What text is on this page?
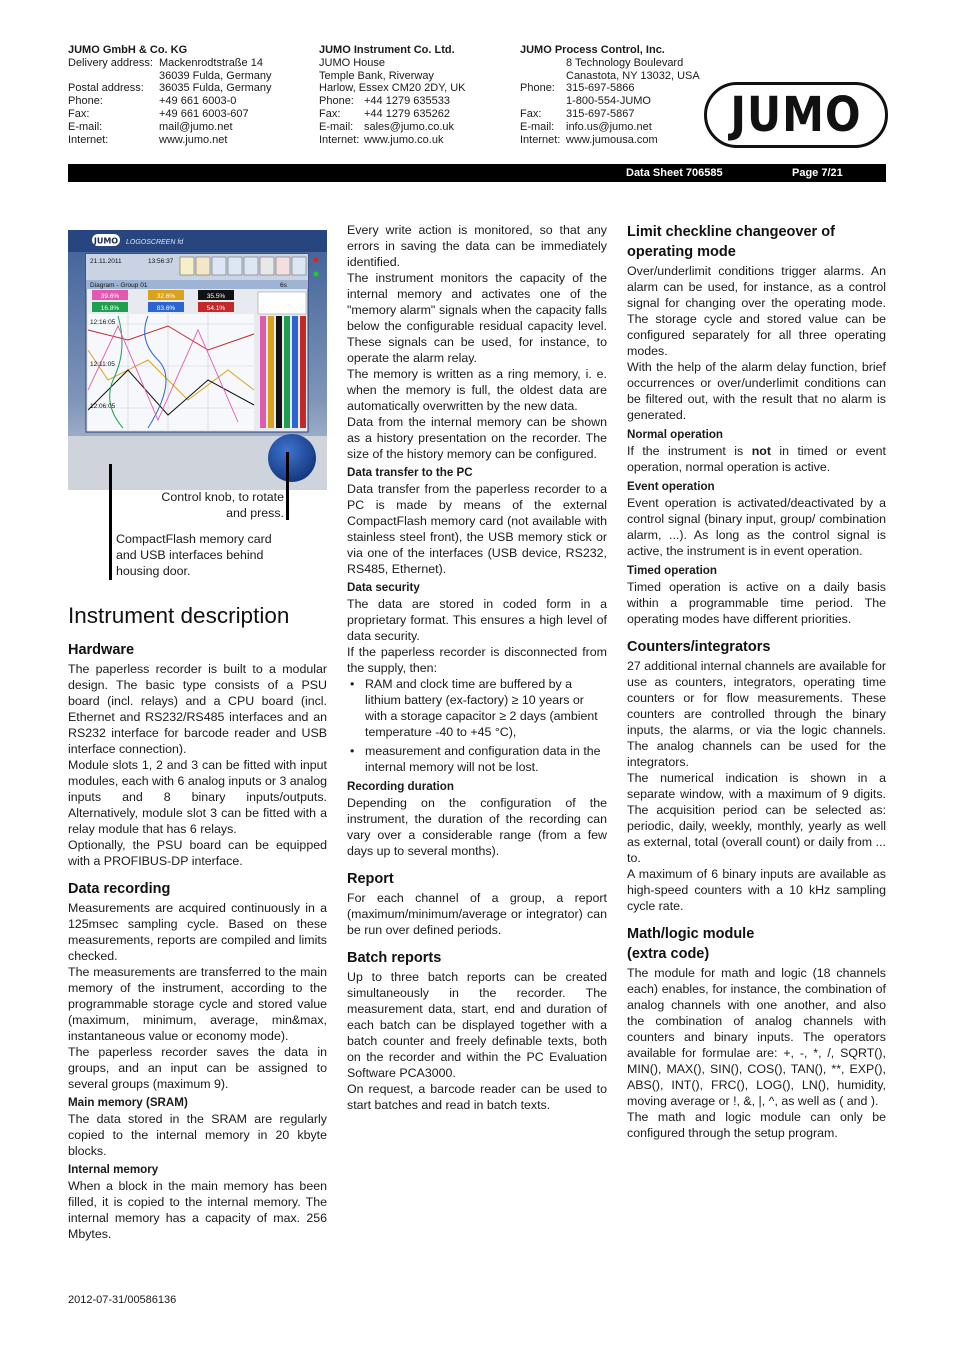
JUMO GmbH & Co. KG
Delivery address: Mackenrodtstraße 14
36039 Fulda, Germany
Postal address:	36035 Fulda, Germany
Phone:	+49 661 6003-0
Fax:	+49 661 6003-607
E-mail:	mail@jumo.net
Internet:	www.jumo.net
JUMO Instrument Co. Ltd.
JUMO House
Temple Bank, Riverway
Harlow, Essex CM20 2DY, UK
Phone: +44 1279 635533
Fax:	+44 1279 635262
E-mail: sales@jumo.co.uk
Internet: www.jumo.co.uk
JUMO Process Control, Inc.
8 Technology Boulevard
Canastota, NY 13032, USA
Phone:	315-697-5866
1-800-554-JUMO
Fax:	315-697-5867
E-mail:	info.us@jumo.net
Internet: www.jumousa.com JUMO
Data Sheet 706585	Page 7/21
JUMO LOGOSCREEN fd
21.11.2011	13:56:37
Diagram - Group 01	6s
39.6%	32.6%	35.5%
16.8%	83.6%	54.1%
12:16:05
12:11:05
12:06:05
Control knob, to rotate and press.
CompactFlash memory card and USB interfaces behind housing door.
Instrument description
Hardware

The paperless recorder is built to a modular design. The basic type consists of a PSU board (incl. relays) and a CPU board (incl. Ethernet and RS232/RS485 interfaces and an RS232 interface for barcode reader and USB interface connection).

Module slots 1, 2 and 3 can be fitted with input modules, each with 6 analog inputs or 3 analog inputs and 8 binary inputs/outputs. Alternatively, module slot 3 can be fitted with a relay module that has 6 relays.

Optionally, the PSU board can be equipped with a PROFIBUS-DP interface.

Data recording

Measurements are acquired continuously in a 125msec sampling cycle. Based on these measurements, reports are compiled and limits checked.

The measurements are transferred to the main memory of the instrument, according to the programmable storage cycle and stored value (maximum, minimum, average, min&max, instantaneous value or economy mode).

The paperless recorder saves the data in groups, and an input can be assigned to several groups (maximum 9).

Main memory (SRAM)

The data stored in the SRAM are regularly copied to the internal memory in 20 kbyte blocks.

Internal memory

When a block in the main memory has been filled, it is copied to the internal memory. The internal memory has a capacity of max. 256 Mbytes.

Every write action is monitored, so that any errors in saving the data can be immediately identified.

The instrument monitors the capacity of the internal memory and activates one of the "memory alarm" signals when the capacity falls below the configurable residual capacity level. These signals can be used, for instance, to operate the alarm relay.

The memory is written as a ring memory, i. e. when the memory is full, the oldest data are automatically overwritten by the new data.

Data from the internal memory can be shown as a history presentation on the recorder. The size of the history memory can be configured.

Data transfer to the PC

Data transfer from the paperless recorder to a PC is made by means of the external CompactFlash memory card (not available with stainless steel front), the USB memory stick or via one of the interfaces (USB device, RS232, RS485, Ethernet).

Data security

The data are stored in coded form in a proprietary format. This ensures a high level of data security.

If the paperless recorder is disconnected from the supply, then:

• RAM and clock time are buffered by a lithium battery (ex-factory) ≥ 10 years or with a storage capacitor ≥ 2 days (ambient temperature -40 to +45 °C),
• measurement and configuration data in the internal memory will not be lost.
Recording duration

Depending on the configuration of the instrument, the duration of the recording can vary over a considerable range (from a few days up to several months).

Report

For each channel of a group, a report (maximum/minimum/average or integrator) can be run over defined periods.

Batch reports

Up to three batch reports can be created simultaneously in the recorder. The measurement data, start, end and duration of each batch can be displayed together with a batch counter and freely definable texts, both on the recorder and within the PC Evaluation Software PCA3000.

On request, a barcode reader can be used to start batches and read in batch texts.

Limit checkline changeover of operating mode

Over/underlimit conditions trigger alarms. An alarm can be used, for instance, as a control signal for changing over the operating mode. The storage cycle and stored value can be configured separately for all three operating modes.

With the help of the alarm delay function, brief occurrences or over/underlimit conditions can be filtered out, with the result that no alarm is generated.

Normal operation

If the instrument is not in timed or event operation, normal operation is active.

Event operation

Event operation is activated/deactivated by a control signal (binary input, group/ combination alarm, ...). As long as the control signal is active, the instrument is in event operation.

Timed operation

Timed operation is active on a daily basis within a programmable time period. The operating modes have different priorities.

Counters/integrators

27 additional internal channels are available for use as counters, integrators, operating time counters or for flow measurements. These counters are controlled through the binary inputs, the alarms, or via the logic channels. The analog channels can be used for the integrators.

The numerical indication is shown in a separate window, with a maximum of 9 digits. The acquisition period can be selected as: periodic, daily, weekly, monthly, yearly as well as external, total (overall count) or daily from ... to.

A maximum of 6 binary inputs are available as high-speed counters with a 10 kHz sampling cycle rate.

Math/logic module (extra code)

The module for math and logic (18 channels each) enables, for instance, the combination of analog channels with one another, and also the combination of analog channels with counters and binary inputs. The operators available for formulae are: +, -, *, /, SQRT(), MIN(), MAX(), SIN(), COS(), TAN(), **, EXP(), ABS(), INT(), FRC(), LOG(), LN(), humidity, moving average or !, &, |, ^, as well as ( and ).

The math and logic module can only be configured through the setup program.

2012-07-31/00586136
